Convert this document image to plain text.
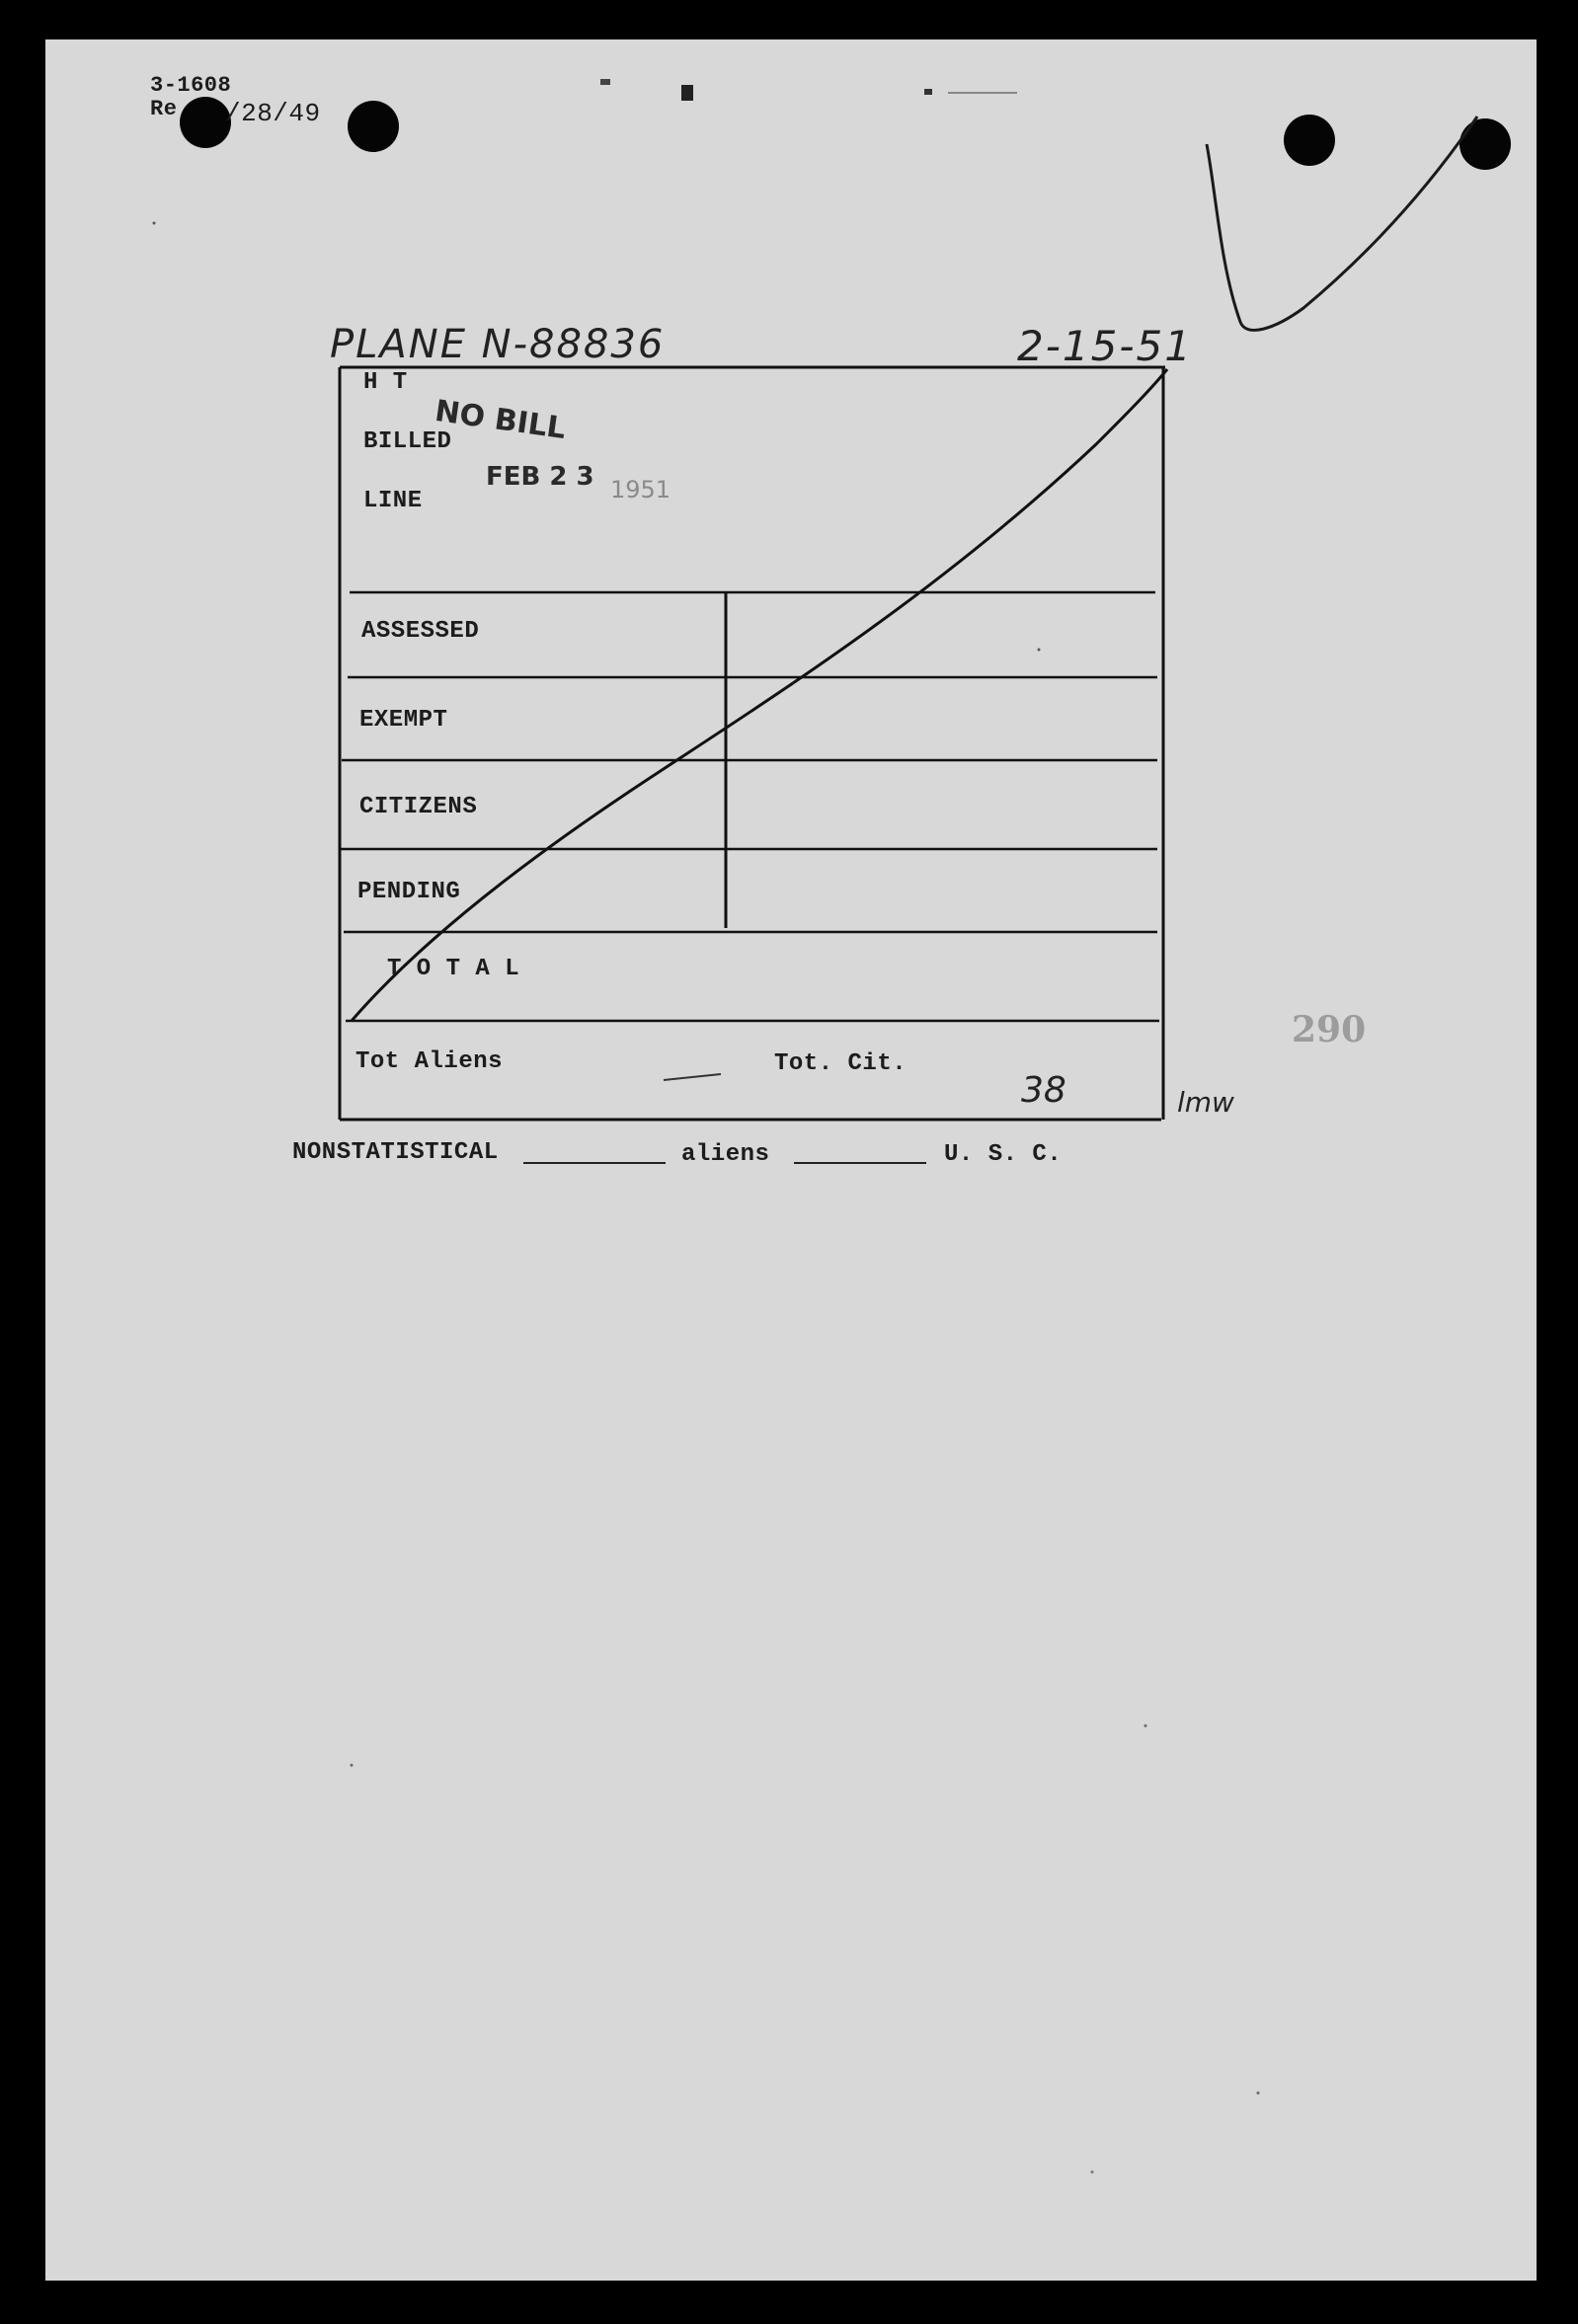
3-1608
Re /28/49
PLANE N-88836	2-15-51
H T
BILLED
LINE
NO BILL
FEB 2 3 1951
ASSESSED
EXEMPT
CITIZENS
PENDING
T O T A L
Tot Aliens	Tot. Cit.
38	lmw
290
NONSTATISTICAL	aliens	U. S. C.
